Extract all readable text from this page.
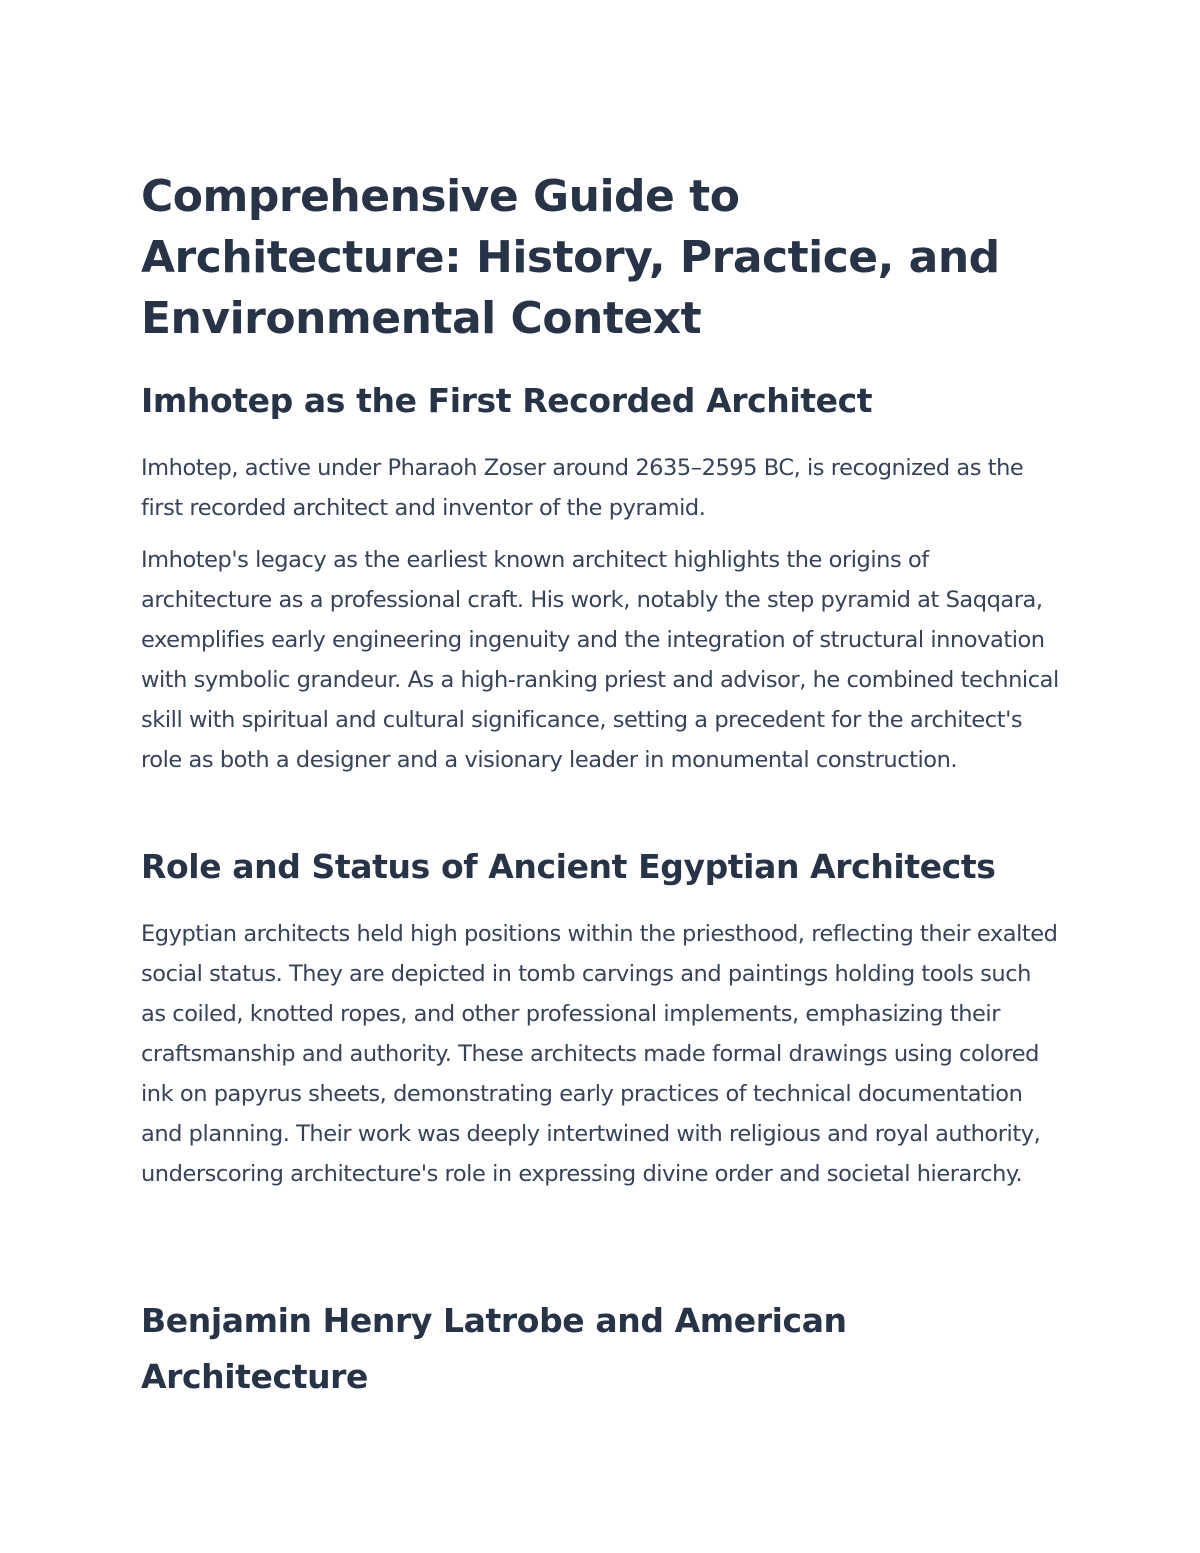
Comprehensive Guide to Architecture: History, Practice, and Environmental Context
Imhotep as the First Recorded Architect

Imhotep, active under Pharaoh Zoser around 2635–2595 BC, is recognized as the first recorded architect and inventor of the pyramid.

Imhotep's legacy as the earliest known architect highlights the origins of architecture as a professional craft. His work, notably the step pyramid at Saqqara, exemplifies early engineering ingenuity and the integration of structural innovation with symbolic grandeur. As a high-ranking priest and advisor, he combined technical skill with spiritual and cultural significance, setting a precedent for the architect's role as both a designer and a visionary leader in monumental construction.

Role and Status of Ancient Egyptian Architects

Egyptian architects held high positions within the priesthood, reflecting their exalted social status. They are depicted in tomb carvings and paintings holding tools such as coiled, knotted ropes, and other professional implements, emphasizing their craftsmanship and authority. These architects made formal drawings using colored ink on papyrus sheets, demonstrating early practices of technical documentation and planning. Their work was deeply intertwined with religious and royal authority, underscoring architecture's role in expressing divine order and societal hierarchy.

Benjamin Henry Latrobe and American Architecture
